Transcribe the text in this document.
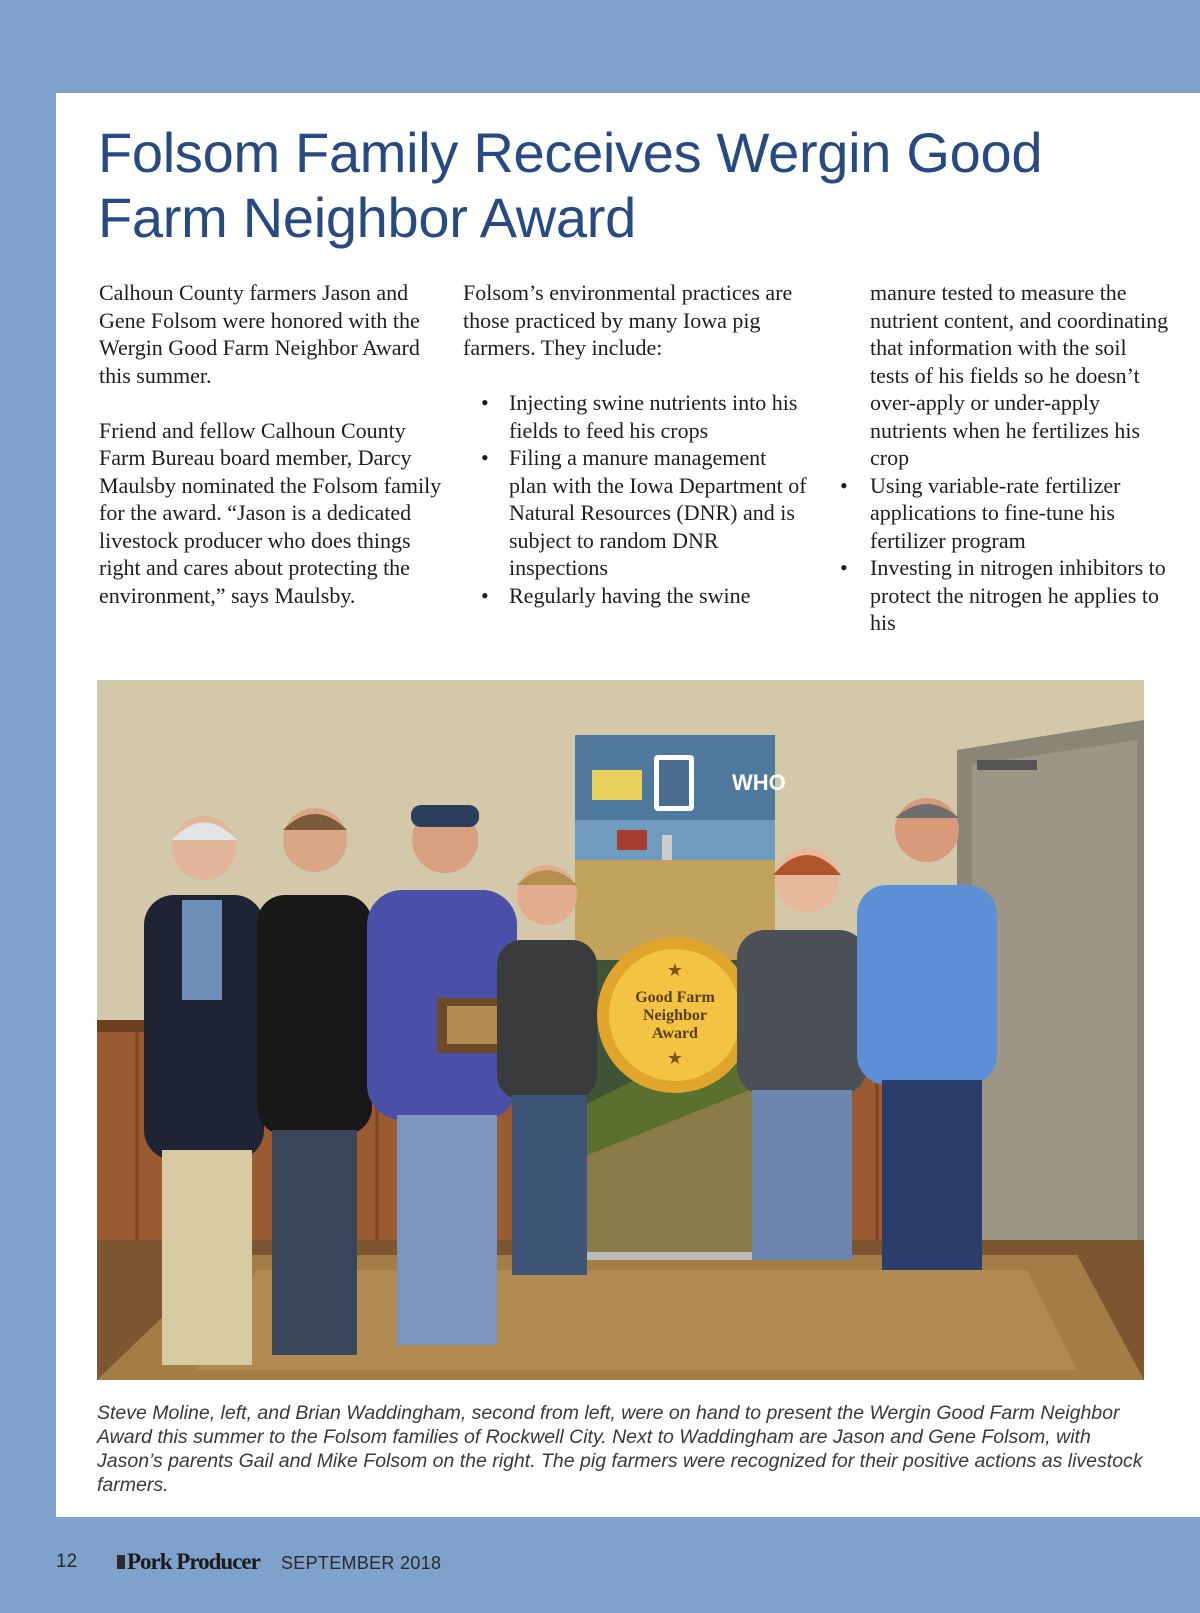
Folsom Family Receives Wergin Good Farm Neighbor Award

Calhoun County farmers Jason and Gene Folsom were honored with the Wergin Good Farm Neighbor Award this summer.

Friend and fellow Calhoun County Farm Bureau board member, Darcy Maulsby nominated the Folsom family for the award. “Jason is a dedicated livestock producer who does things right and cares about protecting the environment,” says Maulsby.

Folsom’s environmental practices are those practiced by many Iowa pig farmers. They include:

• Injecting swine nutrients into his fields to feed his crops
• Filing a manure management plan with the Iowa Department of Natural Resources (DNR) and is subject to random DNR inspections
• Regularly having the swine
manure tested to measure the nutrient content, and coordinating that information with the soil tests of his fields so he doesn’t over-apply or under-apply nutrients when he fertilizes his crop
• Using variable-rate fertilizer applications to fine-tune his fertilizer program
• Investing in nitrogen inhibitors to protect the nitrogen he applies to his
WHO
Good Farm
Neighbor
Award
★
★

Steve Moline, left, and Brian Waddingham, second from left, were on hand to present the Wergin Good Farm Neighbor Award this summer to the Folsom families of Rockwell City. Next to Waddingham are Jason and Gene Folsom, with Jason’s parents Gail and Mike Folsom on the right. The pig farmers were recognized for their positive actions as livestock farmers.

12 Pork Producer SEPTEMBER 2018
